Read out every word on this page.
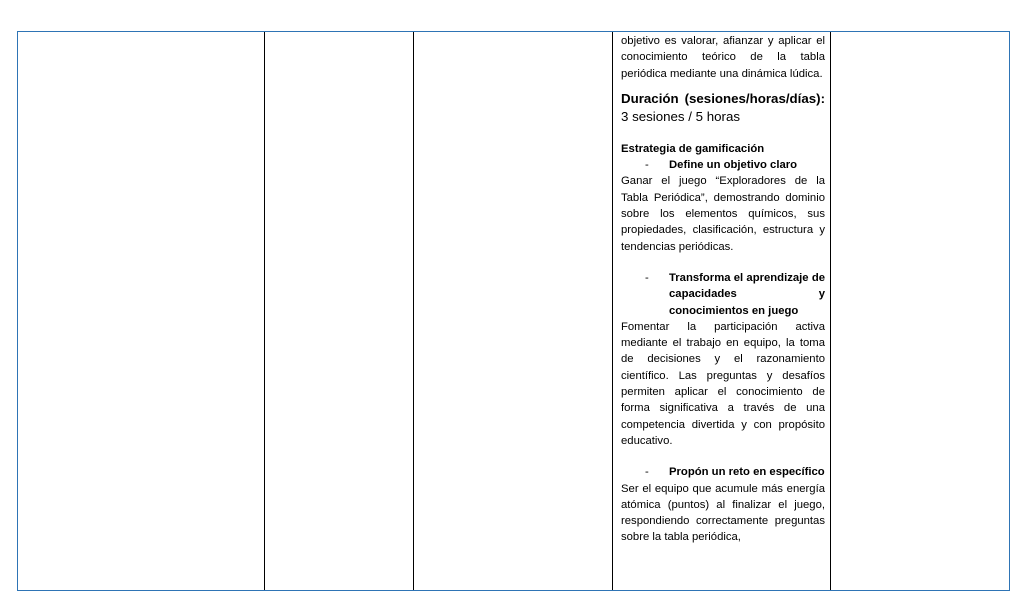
objetivo es valorar, afianzar y aplicar el conocimiento teórico de la tabla periódica mediante una dinámica lúdica.

Duración (sesiones/horas/días): 3 sesiones / 5 horas

Estrategia de gamificación

- Define un objetivo claro

Ganar el juego “Exploradores de la Tabla Periódica”, demostrando dominio sobre los elementos químicos, sus propiedades, clasificación, estructura y tendencias periódicas.

- Transforma el aprendizaje de capacidades y conocimientos en juego

Fomentar la participación activa mediante el trabajo en equipo, la toma de decisiones y el razonamiento científico. Las preguntas y desafíos permiten aplicar el conocimiento de forma significativa a través de una competencia divertida y con propósito educativo.

- Propón un reto en específico

Ser el equipo que acumule más energía atómica (puntos) al finalizar el juego, respondiendo correctamente preguntas sobre la tabla periódica,
